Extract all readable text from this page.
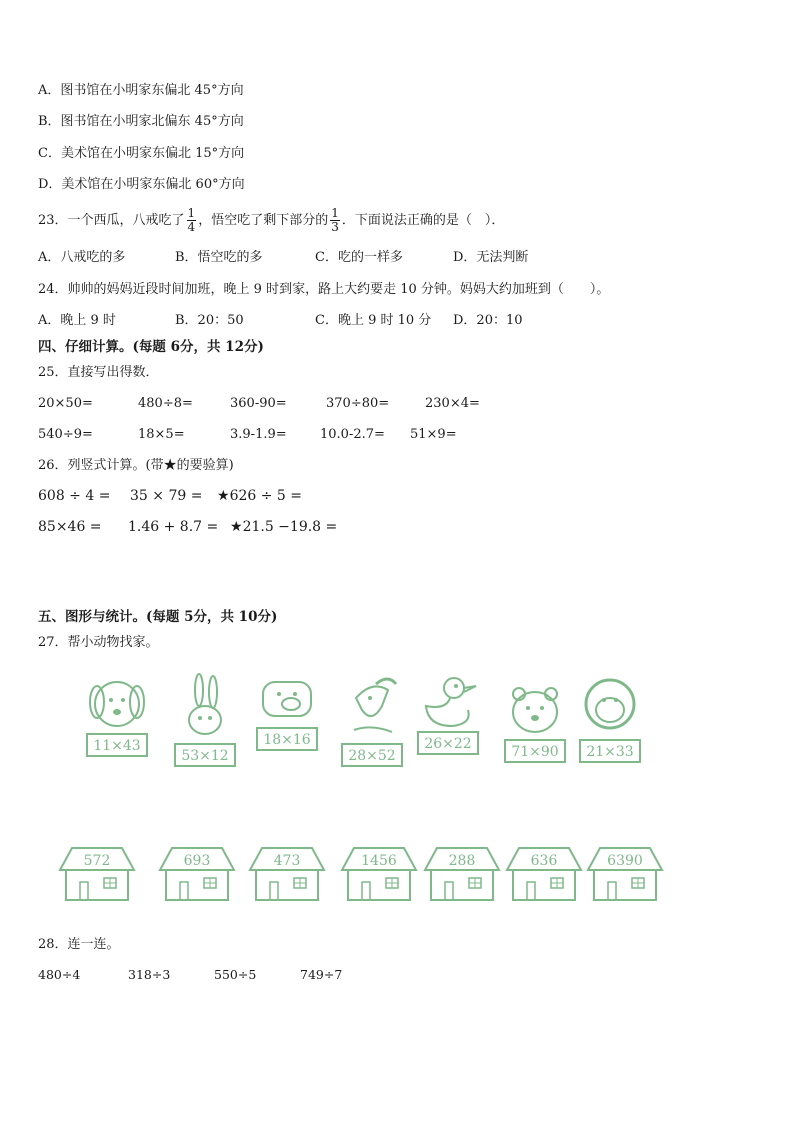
A．图书馆在小明家东偏北 45°方向
B．图书馆在小明家北偏东 45°方向
C．美术馆在小明家东偏北 15°方向
D．美术馆在小明家东偏北 60°方向
23．一个西瓜，八戒吃了 $\frac{1}{4}$ ，悟空吃了剩下部分的 $\frac{1}{3}$ ．下面说法正确的是（　）．
A．八戒吃的多	B．悟空吃的多	C．吃的一样多	D．无法判断
24．帅帅的妈妈近段时间加班，晚上 9 时到家，路上大约要走 10 分钟。妈妈大约加班到（ ）。
A．晚上 9 时	B．20：50	C．晚上 9 时 10 分 D．20：10
四、仔细计算。(每题 6分，共 12分)
25．直接写出得数．
20×50=	480÷8=	360-90=	370÷80=	230×4=
540÷9=	18×5=	3.9-1.9=	10.0-2.7= 51×9=
26．列竖式计算。(带★的要验算)
608 ÷ 4 = 35 × 79 = ★626 ÷ 5 =
85×46 = 1.46 + 8.7 = ★21.5 −19.8 =
五、图形与统计。(每题 5分，共 10分)
27．帮小动物找家。
11×43
53×12
18×16
28×52
26×22	71×90 21×33
572	693	473	1456	288	636	6390
28．连一连。
480÷4	318÷3	550÷5	749÷7
